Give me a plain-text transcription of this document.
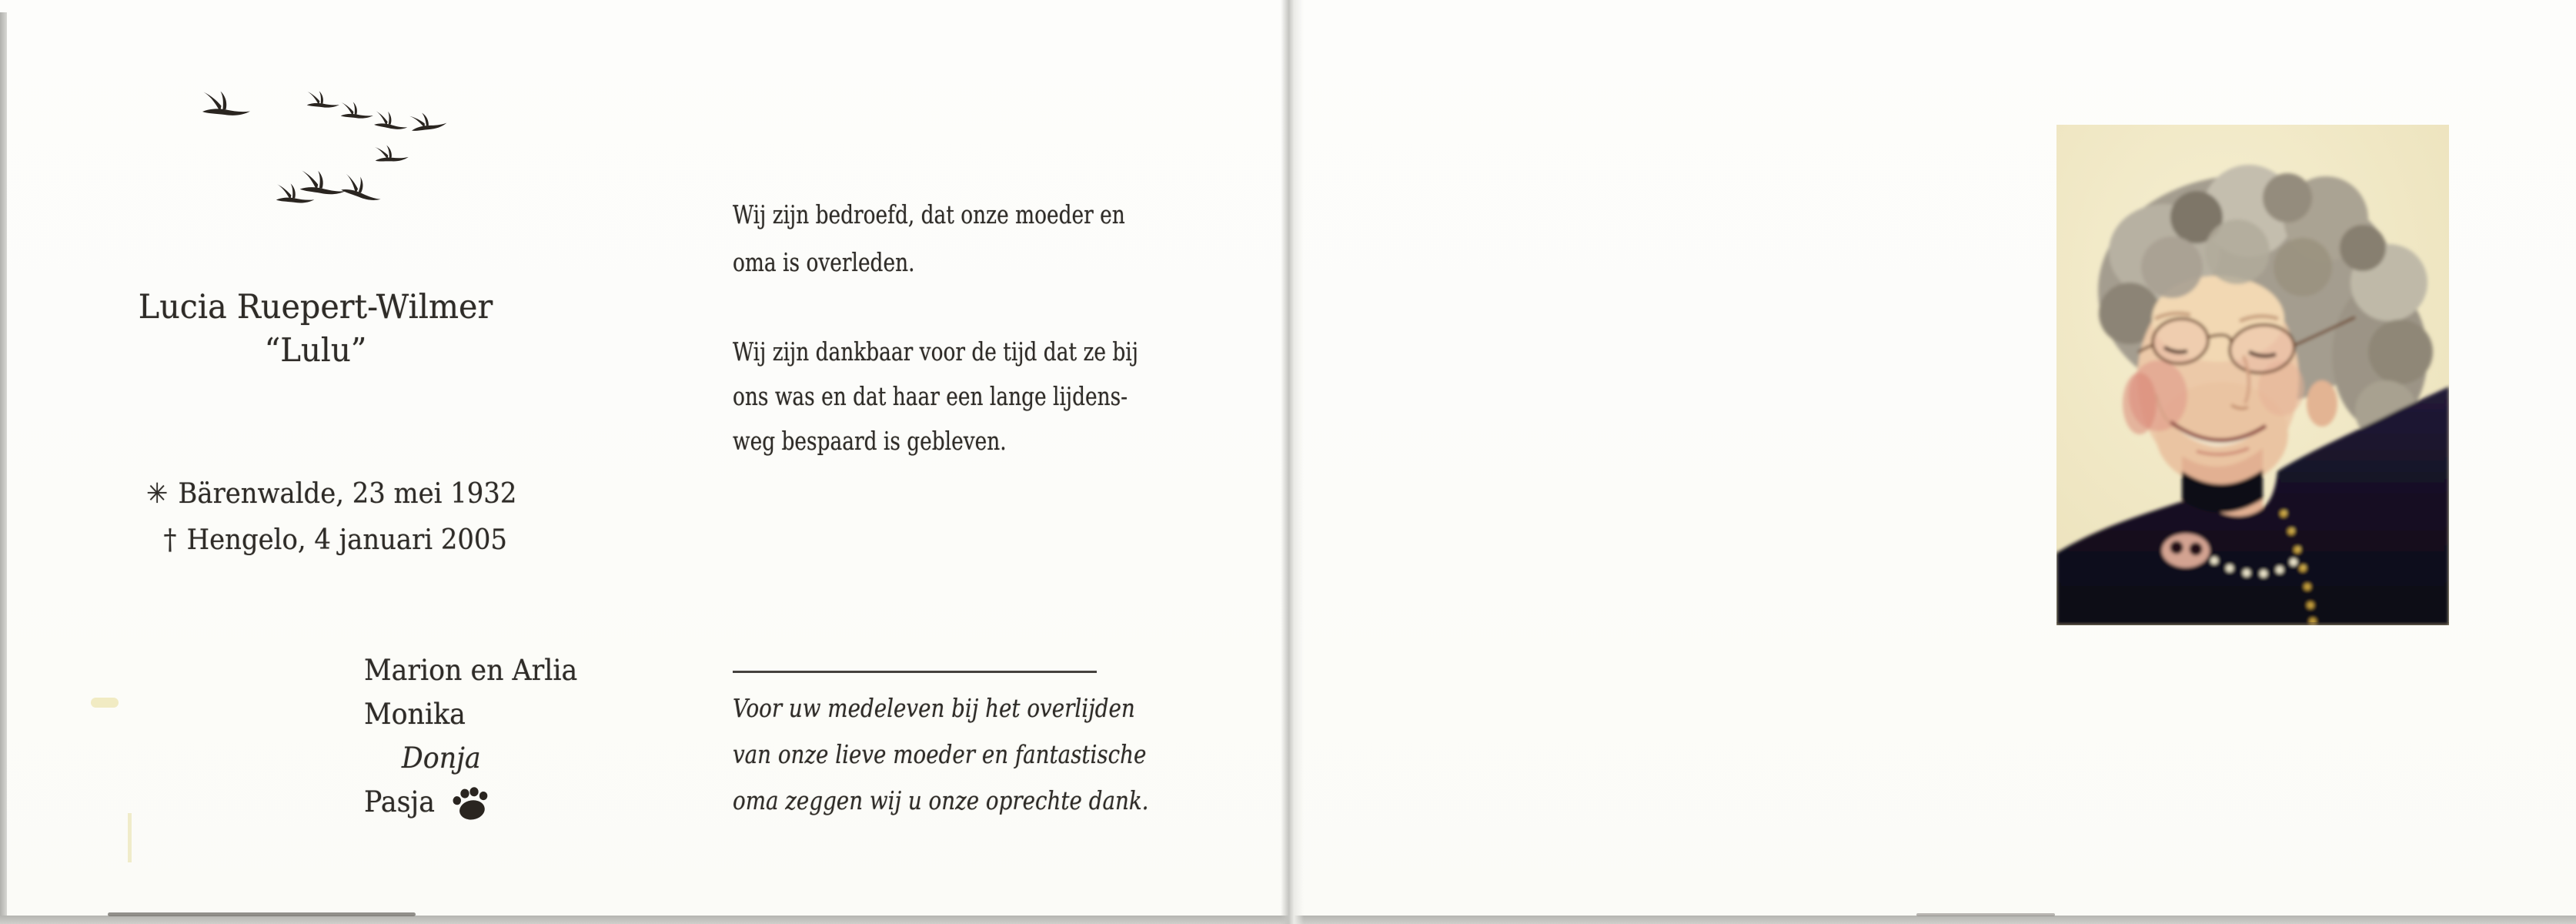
Lucia Ruepert-Wilmer
“Lulu”
✳ Bärenwalde, 23 mei 1932
† Hengelo, 4 januari 2005
Marion en Arlia
Monika
Donja
Pasja
Wij zijn bedroefd, dat onze moeder en
oma is overleden.
Wij zijn dankbaar voor de tijd dat ze bij
ons was en dat haar een lange lijdens-
weg bespaard is gebleven.
Voor uw medeleven bij het overlijden
van onze lieve moeder en fantastische
oma zeggen wij u onze oprechte dank.
